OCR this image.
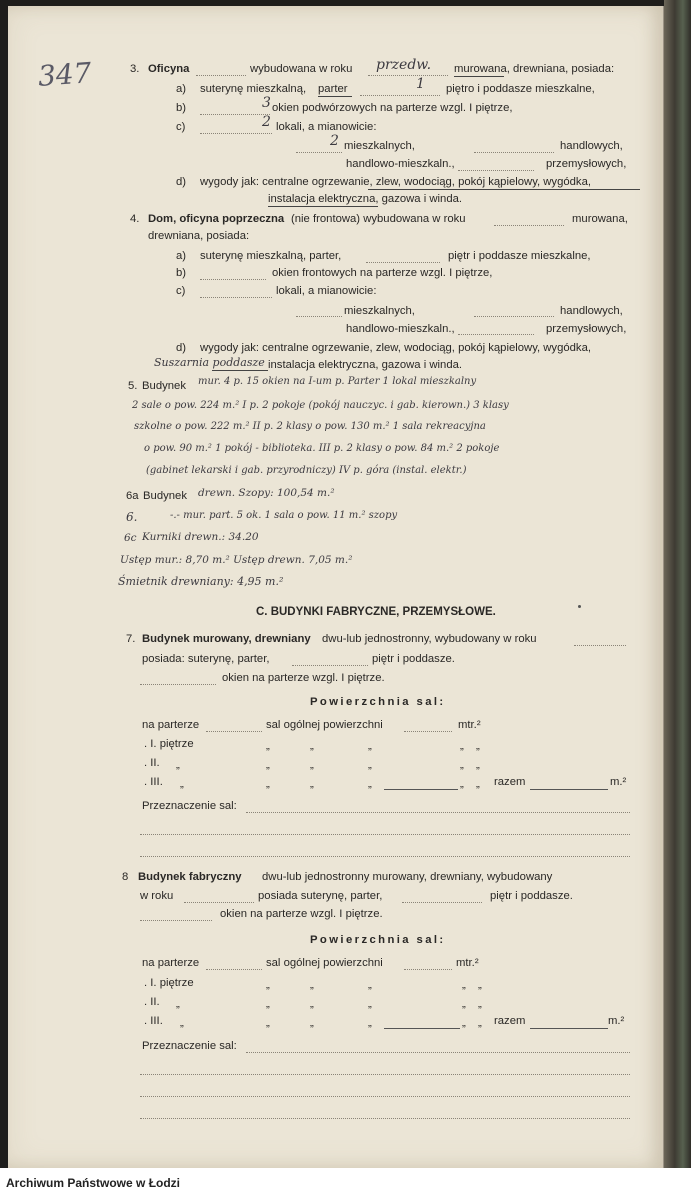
347	3. Oficyna	wybudowana w roku przedw. murowana, drewniana, posiada:
a) suterynę mieszkalną, parter	1 piętro i poddasze mieszkalne,
b)	3 okien podwórzowych na parterze wzgl. I piętrze,
c)	2 lokali, a mianowicie:
2 mieszkalnych,	handlowych,
handlowo-mieszkaln.,	przemysłowych,
d) wygody jak: centralne ogrzewanie, zlew, wodociąg, pokój kąpielowy, wygódka,
instalacja elektryczna, gazowa i winda.
4. Dom, oficyna poprzeczna (nie frontowa) wybudowana w roku	murowana,
drewniana, posiada:
a) suterynę mieszkalną, parter,	piętr i poddasze mieszkalne,
b)	okien frontowych na parterze wzgl. I piętrze,
c)	lokali, a mianowicie:
mieszkalnych,	handlowych,
handlowo-mieszkaln.,	przemysłowych,
d) wygody jak: centralne ogrzewanie, zlew, wodociąg, pokój kąpielowy, wygódka,
Suszarnia poddasze instalacja elektryczna, gazowa i winda.
5. Budynek mur. 4 p. 15 okien na I-um p. Parter 1 lokal mieszkalny
2 sale o pow. 224 m.² I p. 2 pokoje (pokój nauczyc. i gab. kierown.) 3 klasy
szkolne o pow. 222 m.² II p. 2 klasy o pow. 130 m.² 1 sala rekreacyjna
o pow. 90 m.² 1 pokój - biblioteka. III p. 2 klasy o pow. 84 m.² 2 pokoje
(gabinet lekarski i gab. przyrodniczy) IV p. góra (instal. elektr.)
6a Budynek drewn. Szopy: 100,54 m.²
6.	-.- mur. part. 5 ok. 1 sala o pow. 11 m.² szopy
6c Kurniki drewn.: 34.20
Ustęp mur.: 8,70 m.² Ustęp drewn. 7,05 m.²
Śmietnik drewniany: 4,95 m.²
C. BUDYNKI FABRYCZNE, PRZEMYSŁOWE.
7. Budynek murowany, drewniany dwu-lub jednostronny, wybudowany w roku
posiada: suterynę, parter,	piętr i poddasze.
okien na parterze wzgl. I piętrze.
Powierzchnia sal:
na parterze	sal ogólnej powierzchni	mtr.²
. I. piętrze	„	„	„	„ „
. II. „	„	„	„	„ „
. III. „	„	„	„	„ „ razem	m.²
Przeznaczenie sal:
8 Budynek fabryczny dwu-lub jednostronny murowany, drewniany, wybudowany
w roku	posiada suterynę, parter,	piętr i poddasze.
okien na parterze wzgl. I piętrze.
Powierzchnia sal:
na parterze	sal ogólnej powierzchni	mtr.²
. I. piętrze	„	„	„	„ „
. II. „	„	„	„	„ „
. III. „	„	„	„	„ „ razem	m.²
Przeznaczenie sal:
Archiwum Państwowe w Łodzi
